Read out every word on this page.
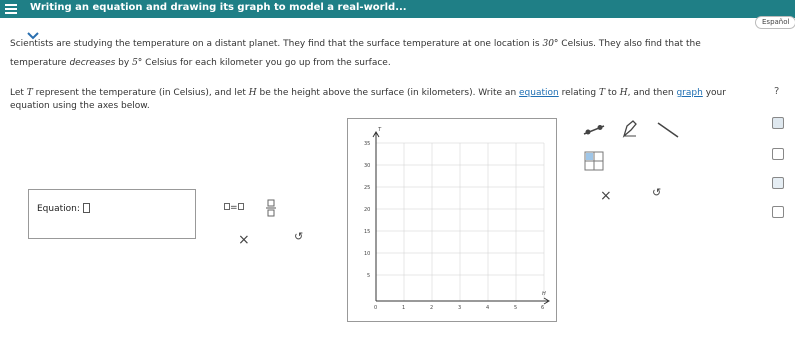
Writing an equation and drawing its graph to model a real-world...
Español
Scientists are studying the temperature on a distant planet. They find that the surface temperature at one location is 30° Celsius. They also find that the
temperature decreases by 5° Celsius for each kilometer you go up from the surface.
Let T represent the temperature (in Celsius), and let H be the height above the surface (in kilometers). Write an equation relating T to H, and then graph your
equation using the axes below.
?
Equation:	=
×	↺
T
H
35
30
25
20
15
10
5
0	1	2	3	4	5	6
×	↺
